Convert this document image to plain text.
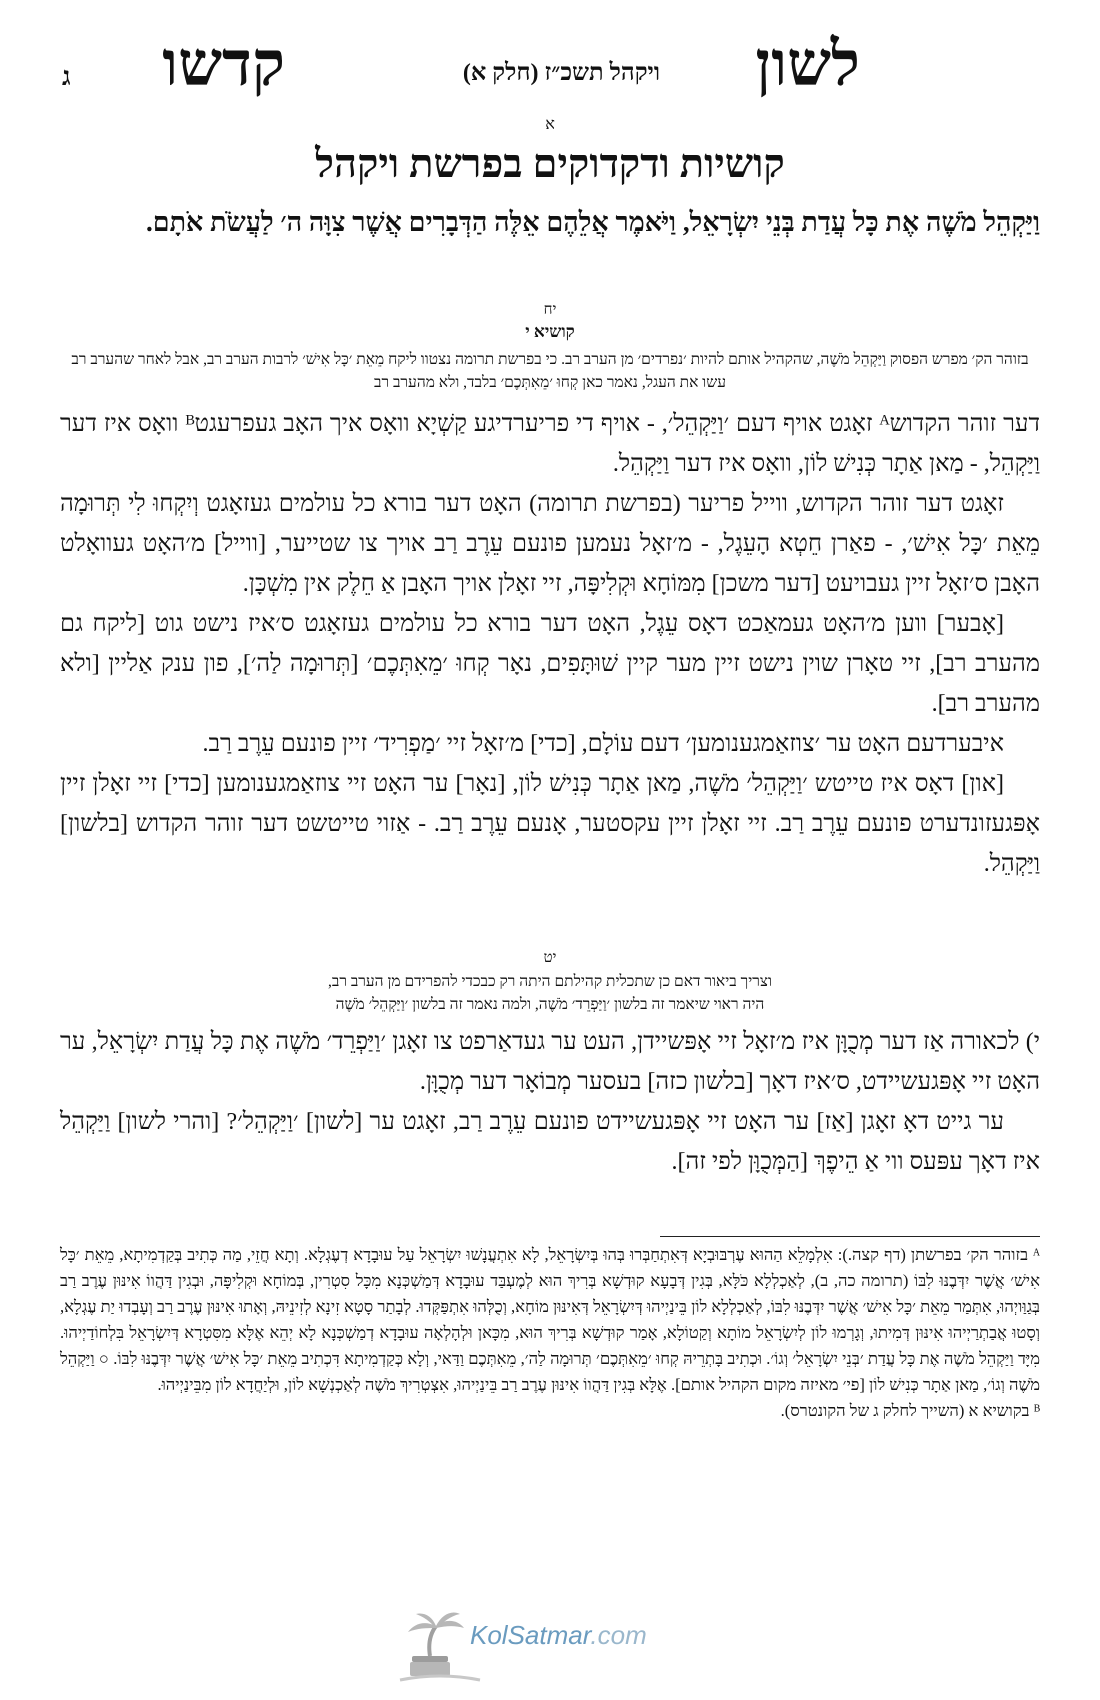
לשון
ויקהל תשכ״ז (חלק א)
קדשו
ג
א
קושיות ודקדוקים בפרשת ויקהל
וַיַּקְהֵל מֹשֶׁה אֶת כָּל עֲדַת בְּנֵי יִשְׂרָאֵל, וַיֹּאמֶר אֲלֵהֶם אֵלֶּה הַדְּבָרִים אֲשֶׁר צִוָּה ה׳ לַעֲשֹׂת אֹתָם.
יח
קושיא י
בזוהר הק׳ מפרש הפסוק וַיַּקְהֵל מֹשֶׁה, שהקהיל אותם להיות ׳נפרדים׳ מן הערב רב. כי בפרשת תרומה נצטוו ליקח מֵאֵת ׳כָּל אִישׁ׳ לרבות הערב רב, אבל לאחר שהערב רב עשו את העגל, נאמר כאן קְחוּ ׳מֵאִתְּכֶם׳ בלבד, ולא מהערב רב

דער זוהר הקדושᴬ זאָגט אויף דעם ׳וַיַּקְהֵל׳, - אויף די פריערדיגע קַשְׁיָא וואָס איך האָב געפרעגטᴮ וואָס איז דער וַיַּקְהֵל, - מַאן אַתָר כְּנִישׁ לוֹן, וואָס איז דער וַיַּקְהֵל.

זאָגט דער זוהר הקדוש, ווייל פריער (בפרשת תרומה) האָט דער בורא כל עולמים געזאָגט וְיִקְחוּ לִי תְּרוּמָה מֵאֵת ׳כָּל אִישׁ׳, - פאַרן חֵטְא הָעֵגֶל, - מ׳זאָל נעמען פונעם עֵרֶב רַב אויך צו שטייער, [ווייל] מ׳האָט געוואָלט האָבן ס׳זאָל זיין געבויעט [דער משכן] מִמּוֹחָא וּקְלִיפָּה, זיי זאָלן אויך האָבן אַ חֵלֶק אין מִשְׁכָּן.

[אָבער] ווען מ׳האָט געמאַכט דאָס עֵגֶל, האָט דער בורא כל עולמים געזאָגט ס׳איז נישט גוט [ליקח גם מהערב רב], זיי טאָרן שוין נישט זיין מער קיין שׁוּתָּפִים, נאָר קְחוּ ׳מֵאִתְּכֶם׳ [תְּרוּמָה לַה׳], פון ענק אַליין [ולא מהערב רב].

איבערדעם האָט ער ׳צוזאַמגענומען׳ דעם עוֹלָם, [כדי] מ׳זאָל זיי ׳מַפְרִיד׳ זיין פונעם עֵרֶב רַב.

[און] דאָס איז טייטש ׳וַיַּקְהֵל׳ מֹשֶׁה, מַאן אַתָר כְּנִישׁ לוֹן, [נאָר] ער האָט זיי צוזאַמגענומען [כדי] זיי זאָלן זיין אָפּגעזונדערט פונעם עֵרֶב רַב. זיי זאָלן זיין עקסטער, אָנעם עֵרֶב רַב. - אַזוי טייטשט דער זוהר הקדוש [בלשון] וַיַּקְהֵל.

יט
וצריך ביאור דאם כן שתכלית קהילתם היתה רק כבכדי להפרידם מן הערב רב,
היה ראוי שיאמר זה בלשון ׳וַיַּפְרֵד׳ מֹשֶׁה, ולמה נאמר זה בלשון ׳וַיַּקְהֵל׳ מֹשֶׁה

י) לכאורה אַז דער מְכֻוָּן איז מ׳זאָל זיי אָפּשיידן, העט ער געדאַרפט צו זאָגן ׳וַיַּפְרֵד׳ מֹשֶׁה אֶת כָּל עֲדַת יִשְׂרָאֵל, ער האָט זיי אָפּגעשיידט, ס׳איז דאָך [בלשון כזה] בעסער מְבוֹאָר דער מְכֻוָּן.

ער גייט דאָ זאָגן [אַז] ער האָט זיי אָפּגעשיידט פונעם עֵרֶב רַב, זאָגט ער [לשון] ׳וַיַּקְהֵל׳? [והרי לשון] וַיַּקְהֵל איז דאָך עפּעס ווי אַ הֵיפֶךְ [הַמְּכֻוָּן לפי זה].

ᴬ בזוהר הק׳ בפרשתן (דף קצה.): אִלְמָלֵא הַהוּא עֶרְבּוּבְיָא דְּאִתְחַבְּרוּ בְּהוּ בְּיִשְׂרָאֵל, לָא אִתְעֲנָשׁוּ יִשְׂרָאֵל עַל עוּבָדָא דְעֶגְלָא. וְתָא חֲזֵי, מַה כְּתִיב בְּקַדְמִיתָא, מֵאֵת ׳כָּל אִישׁ׳ אֲשֶׁר יִדְּבֶנּוּ לִבּוֹ (תרומה כה, ב), לְאַכְלְלָא כֹּלָּא, בְּגִין דְּבָעָא קוּדְשָׁא בְּרִיךְ הוּא לְמֶעְבַּד עוּבָדָא דְּמַשְׁכְּנָא מִכָּל סִטְרִין, בְּמוֹחָא וּקְלִיפָּה, וּבְגִין דַּהֲווֹ אִינּוּן עֶרֶב רַב בְּגַוַּויְהוּ, אִתְּמַר מֵאֵת ׳כָּל אִישׁ׳ אֲשֶׁר יִדְּבֶנּוּ לִבּוֹ, לְאַכְלְלָא לוֹן בֵּינַיְיהוּ דְּיִשְׂרָאֵל דְּאִינּוּן מוֹחָא, וְכֻלְּהוּ אִתְפַּקְּדוּ. לְבָתַר סָטָא זִינָא לְזִינֵיהּ, וְאָתוּ אִינּוּן עֶרֶב רַב וְעָבְדוּ יַת עֶגְלָא, וְסָטוּ אֲבַתְרַיְיהוּ אִינּוּן דְּמִיתוּ, וְגָרְמוּ לוֹן לְיִשְׂרָאֵל מוֹתָא וְקַטוֹלָא, אָמַר קוּדְשָׁא בְּרִיךְ הוּא, מִכָּאן וּלְהָלְאָה עוּבָדָא דְמַשְׁכְּנָא לָא יְהֵא אֶלָּא מִסִּטְרָא דְּיִשְׂרָאֵל בִּלְחוֹדַיְיהוּ. מִיָּד וַיַּקְהֵל מֹשֶׁה אֶת כָּל עֲדַת ׳בְּנֵי יִשְׂרָאֵל׳ וְגוֹ׳. וּכְתִיב בָּתְרֵיהּ קְחוּ ׳מֵאִתְּכֶם׳ תְּרוּמָה לַה׳, מֵאִתְּכֶם וַדַּאי, וְלָא כְּקַדְמִיתָא דִּכְתִיב מֵאֵת ׳כָּל אִישׁ׳ אֲשֶׁר יִדְּבֶנּוּ לִבּוֹ. ○ וַיַּקְהֵל מֹשֶׁה וְגוֹ׳, מַאן אַתָר כְּנִישׁ לוֹן [פי׳ מאיזה מקום הקהיל אותם]. אֶלָּא בְּגִין דַּהֲווֹ אִינּוּן עֶרֶב רַב בֵּינַיְיהוּ, אִצְטְרִיךְ מֹשֶׁה לְאַכְנְשָׁא לוֹן, וּלְיַחֲדָא לוֹן מִבֵּינַיְיהוּ.

ᴮ בקושיא א (השייך לחלק ג של הקונטרס).

KolSatmar.com
